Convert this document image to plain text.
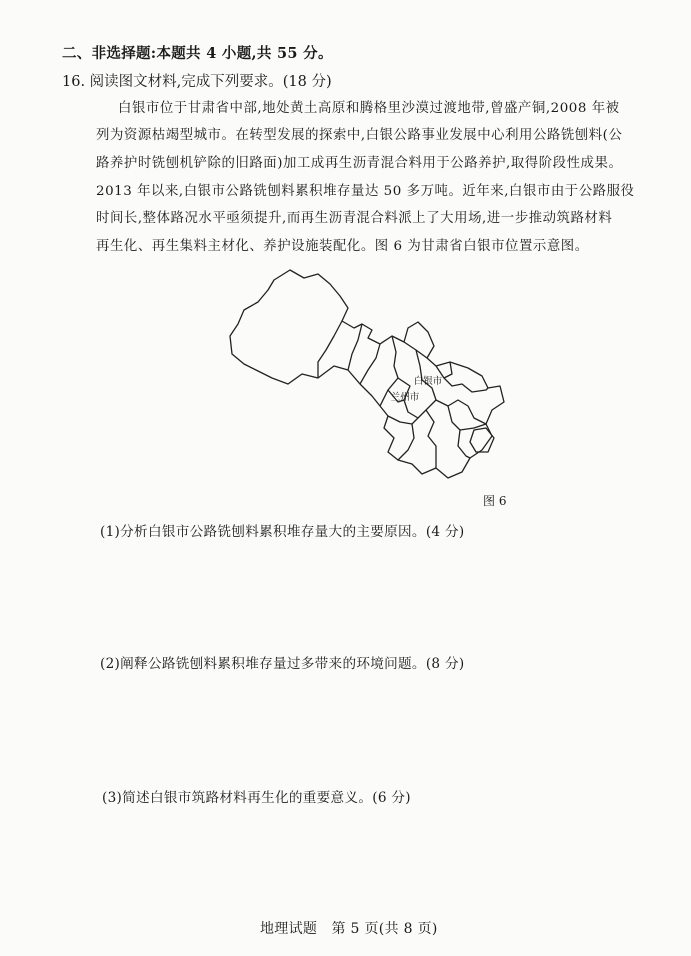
二、非选择题:本题共 4 小题,共 55 分。
16. 阅读图文材料,完成下列要求。(18 分)
白银市位于甘肃省中部,地处黄土高原和腾格里沙漠过渡地带,曾盛产铜,2008 年被
列为资源枯竭型城市。在转型发展的探索中,白银公路事业发展中心利用公路铣刨料(公
路养护时铣刨机铲除的旧路面)加工成再生沥青混合料用于公路养护,取得阶段性成果。
2013 年以来,白银市公路铣刨料累积堆存量达 50 多万吨。近年来,白银市由于公路服役
时间长,整体路况水平亟须提升,而再生沥青混合料派上了大用场,进一步推动筑路材料
再生化、再生集料主材化、养护设施装配化。图 6 为甘肃省白银市位置示意图。
白银市
兰州市
图 6
(1)分析白银市公路铣刨料累积堆存量大的主要原因。(4 分)
(2)阐释公路铣刨料累积堆存量过多带来的环境问题。(8 分)
(3)简述白银市筑路材料再生化的重要意义。(6 分)
地理试题　第 5 页(共 8 页)
